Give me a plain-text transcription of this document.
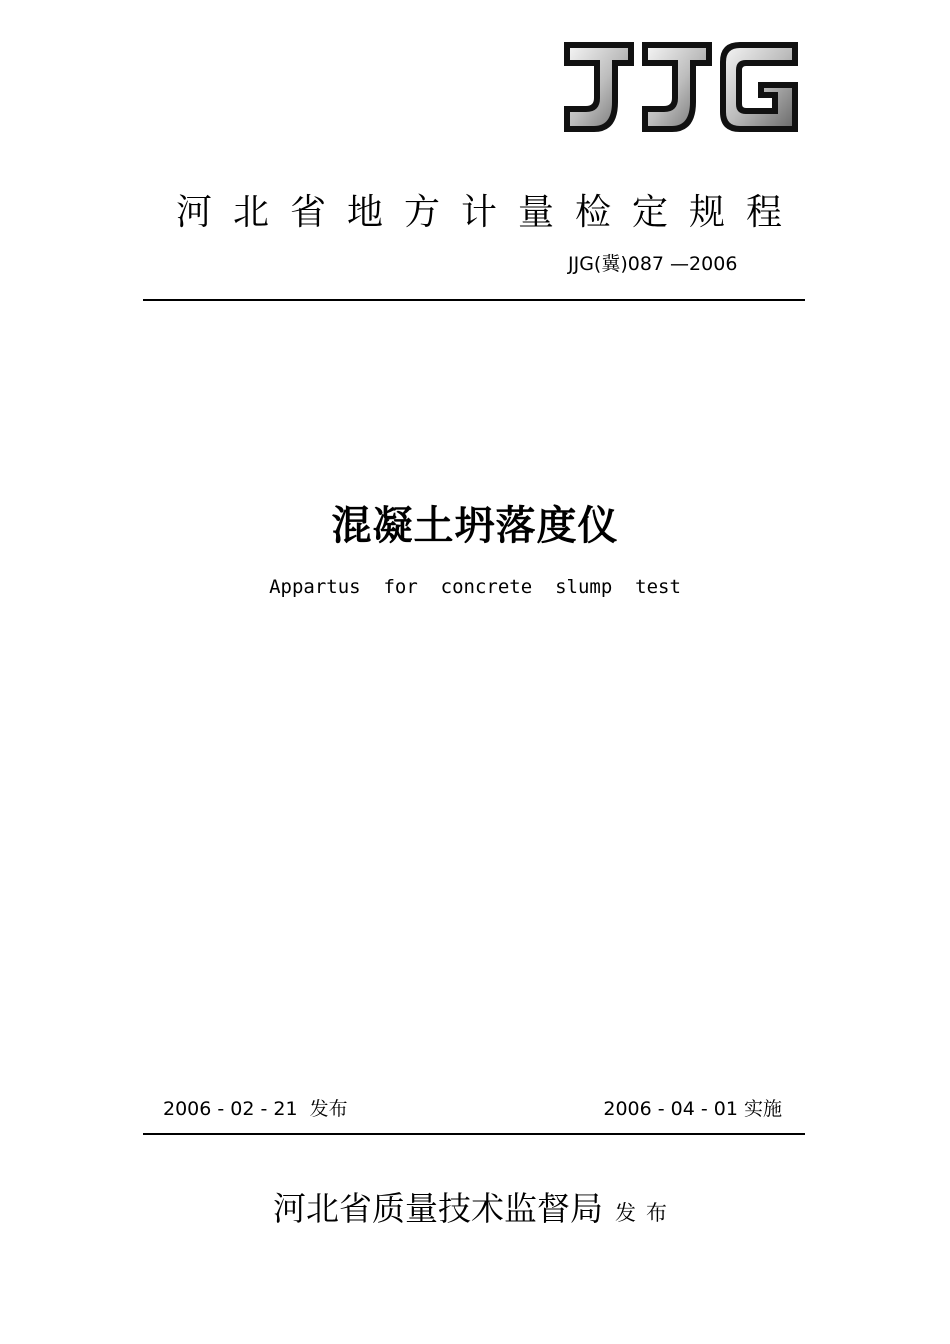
河北省地方计量检定规程
JJG(冀)087 —2006
混凝土坍落度仪
Appartus  for  concrete  slump  test
2006 - 02 - 21 发布	2006 - 04 - 01 实施
河北省质量技术监督局 发布
